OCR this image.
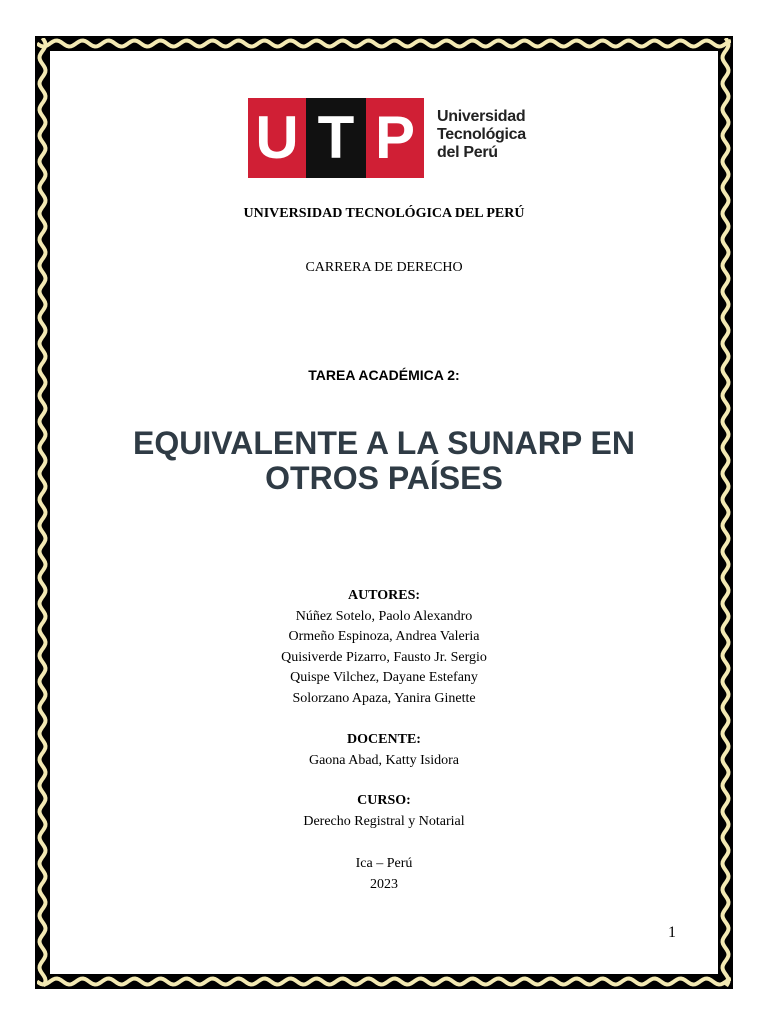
U T P	Universidad
Tecnológica
del Perú
UNIVERSIDAD TECNOLÓGICA DEL PERÚ
CARRERA DE DERECHO
TAREA ACADÉMICA 2:
EQUIVALENTE A LA SUNARP EN
OTROS PAÍSES
AUTORES:
Núñez Sotelo, Paolo Alexandro
Ormeño Espinoza, Andrea Valeria
Quisiverde Pizarro, Fausto Jr. Sergio
Quispe Vilchez, Dayane Estefany
Solorzano Apaza, Yanira Ginette
DOCENTE:
Gaona Abad, Katty Isidora
CURSO:
Derecho Registral y Notarial
Ica – Perú
2023
1
